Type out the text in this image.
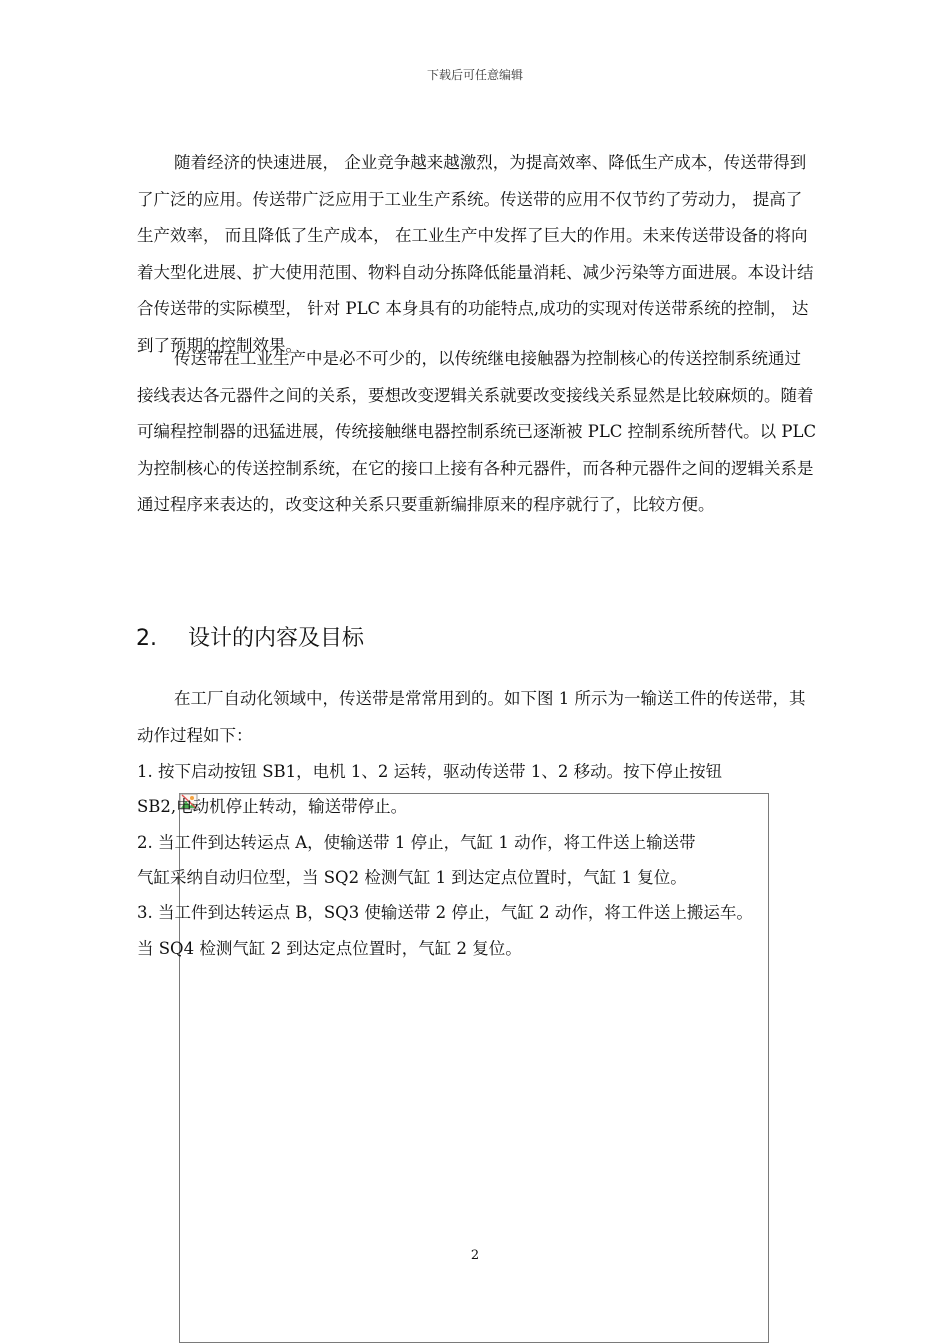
下载后可任意编辑

随着经济的快速进展， 企业竞争越来越激烈，为提高效率、降低生产成本，传送带得到了广泛的应用。传送带广泛应用于工业生产系统。传送带的应用不仅节约了劳动力， 提高了生产效率， 而且降低了生产成本， 在工业生产中发挥了巨大的作用。未来传送带设备的将向着大型化进展、扩大使用范围、物料自动分拣降低能量消耗、减少污染等方面进展。本设计结合传送带的实际模型， 针对 PLC 本身具有的功能特点,成功的实现对传送带系统的控制， 达到了预期的控制效果。

传送带在工业生产中是必不可少的，以传统继电接触器为控制核心的传送控制系统通过接线表达各元器件之间的关系，要想改变逻辑关系就要改变接线关系显然是比较麻烦的。随着可编程控制器的迅猛进展，传统接触继电器控制系统已逐渐被 PLC 控制系统所替代。以 PLC 为控制核心的传送控制系统，在它的接口上接有各种元器件，而各种元器件之间的逻辑关系是通过程序来表达的，改变这种关系只要重新编排原来的程序就行了，比较方便。

2. 设计的内容及目标

在工厂自动化领域中，传送带是常常用到的。如下图 1 所示为一输送工件的传送带，其动作过程如下：

1. 按下启动按钮 SB1，电机 1、2 运转，驱动传送带 1、2 移动。按下停止按钮
SB2,电动机停止转动，输送带停止。
2. 当工件到达转运点 A，使输送带 1 停止，气缸 1 动作，将工件送上输送带
气缸采纳自动归位型，当 SQ2 检测气缸 1 到达定点位置时，气缸 1 复位。
3. 当工件到达转运点 B，SQ3 使输送带 2 停止，气缸 2 动作，将工件送上搬运车。
当 SQ4 检测气缸 2 到达定点位置时，气缸 2 复位。
2
